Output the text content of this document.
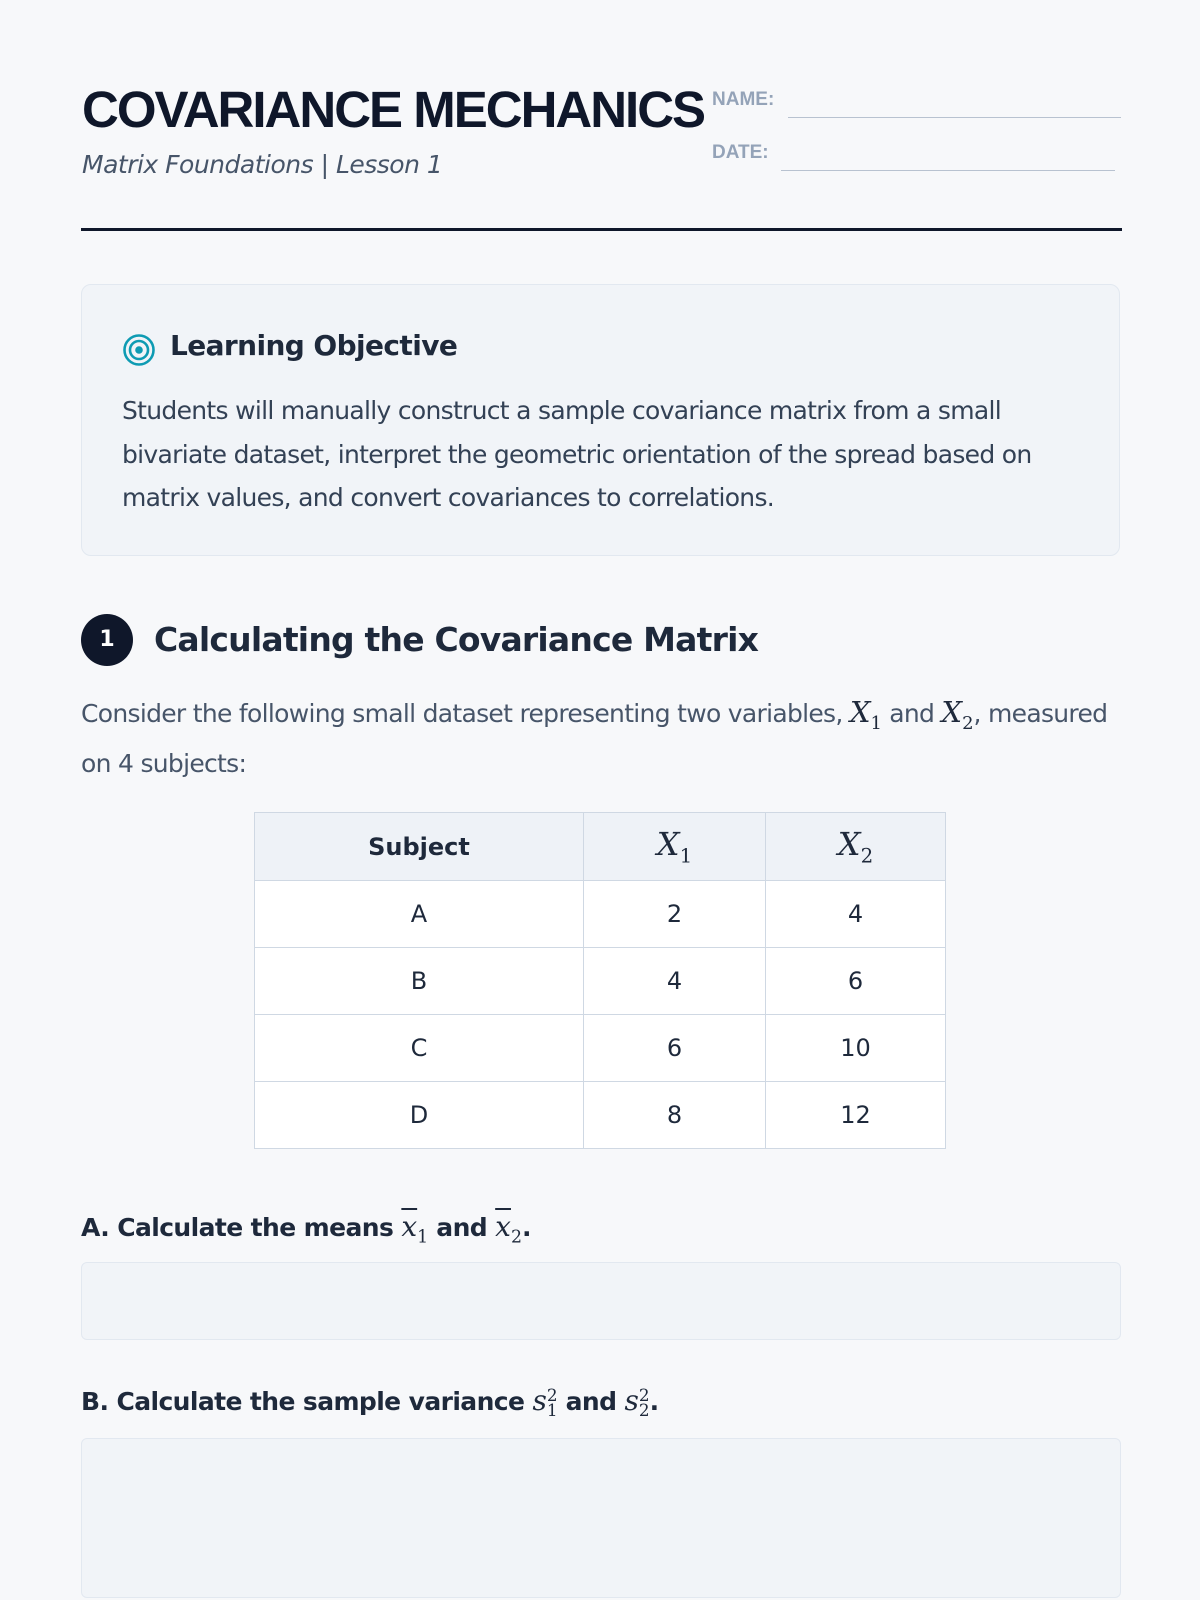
COVARIANCE MECHANICS
Matrix Foundations | Lesson 1
NAME:
DATE:
Learning Objective

Students will manually construct a sample covariance matrix from a small bivariate dataset, interpret the geometric orientation of the spread based on matrix values, and convert covariances to correlations.

1	Calculating the Covariance Matrix

Consider the following small dataset representing two variables, $X_1$ and $X_2$, measured on 4 subjects:

Subject	$X_1$	$X_2$
A	2	4
B	4	6
C	6	10
D	8	12

A. Calculate the means $\overline{x}_1$ and $\overline{x}_2$.

B. Calculate the sample variance s 2
1 and s 2
2 .
